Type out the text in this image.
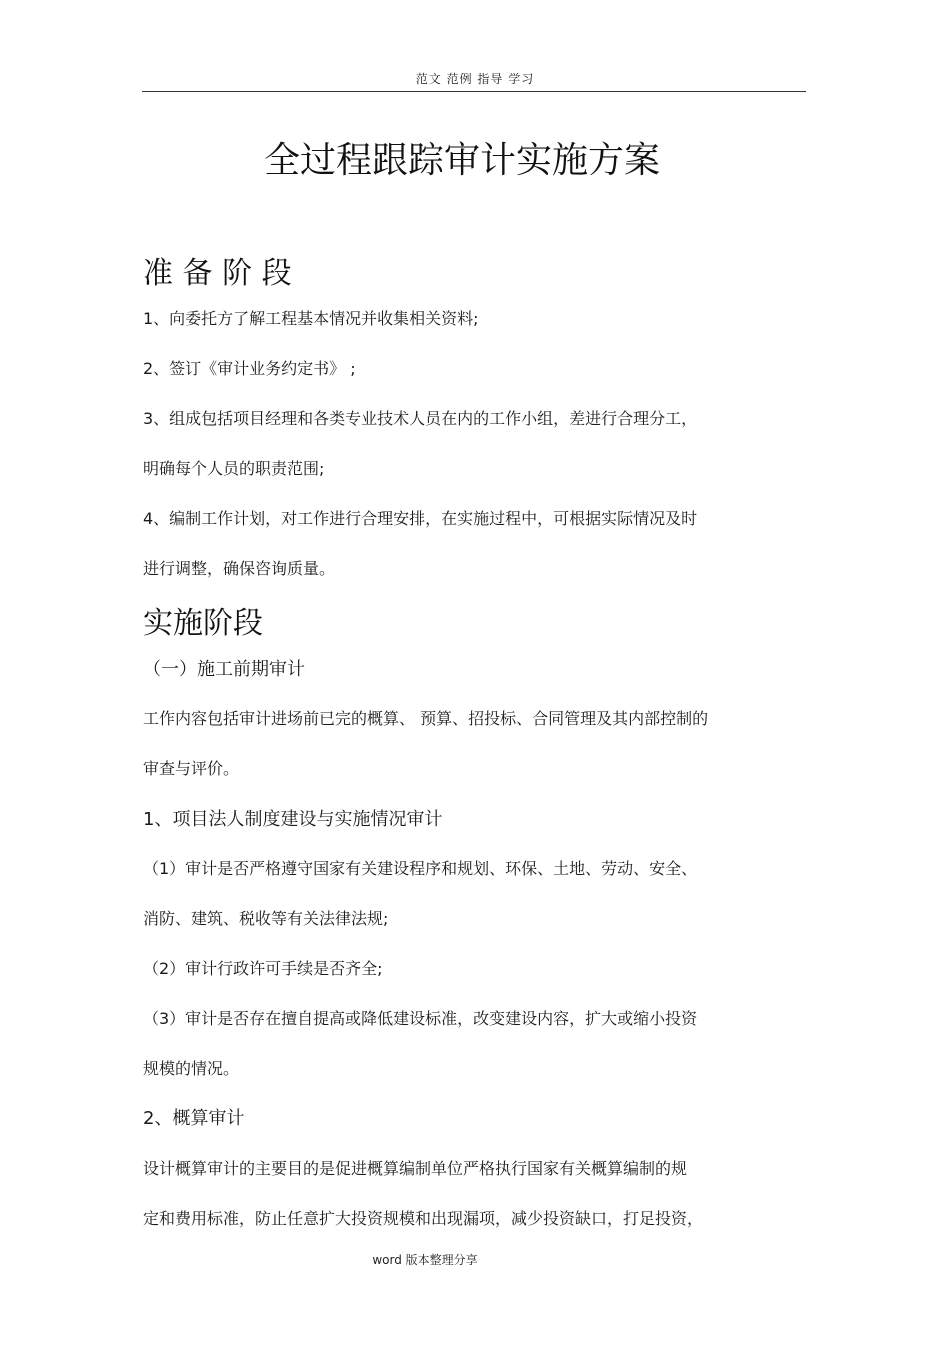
范文 范例 指导 学习
全过程跟踪审计实施方案
准 备 阶 段
1、向委托方了解工程基本情况并收集相关资料;
2、签订《审计业务约定书》 ;
3、组成包括项目经理和各类专业技术人员在内的工作小组，差进行合理分工，
明确每个人员的职责范围;
4、编制工作计划，对工作进行合理安排，在实施过程中，可根据实际情况及时
进行调整，确保咨询质量。
实施阶段
（一）施工前期审计
工作内容包括审计进场前已完的概算、 预算、招投标、合同管理及其内部控制的
审查与评价。
1、项目法人制度建设与实施情况审计
（1）审计是否严格遵守国家有关建设程序和规划、环保、土地、劳动、安全、
消防、建筑、税收等有关法律法规;
（2）审计行政许可手续是否齐全;
（3）审计是否存在擅自提高或降低建设标准，改变建设内容，扩大或缩小投资
规模的情况。
2、概算审计
设计概算审计的主要目的是促进概算编制单位严格执行国家有关概算编制的规
定和费用标准，防止任意扩大投资规模和出现漏项，减少投资缺口，打足投资，
word 版本整理分享
